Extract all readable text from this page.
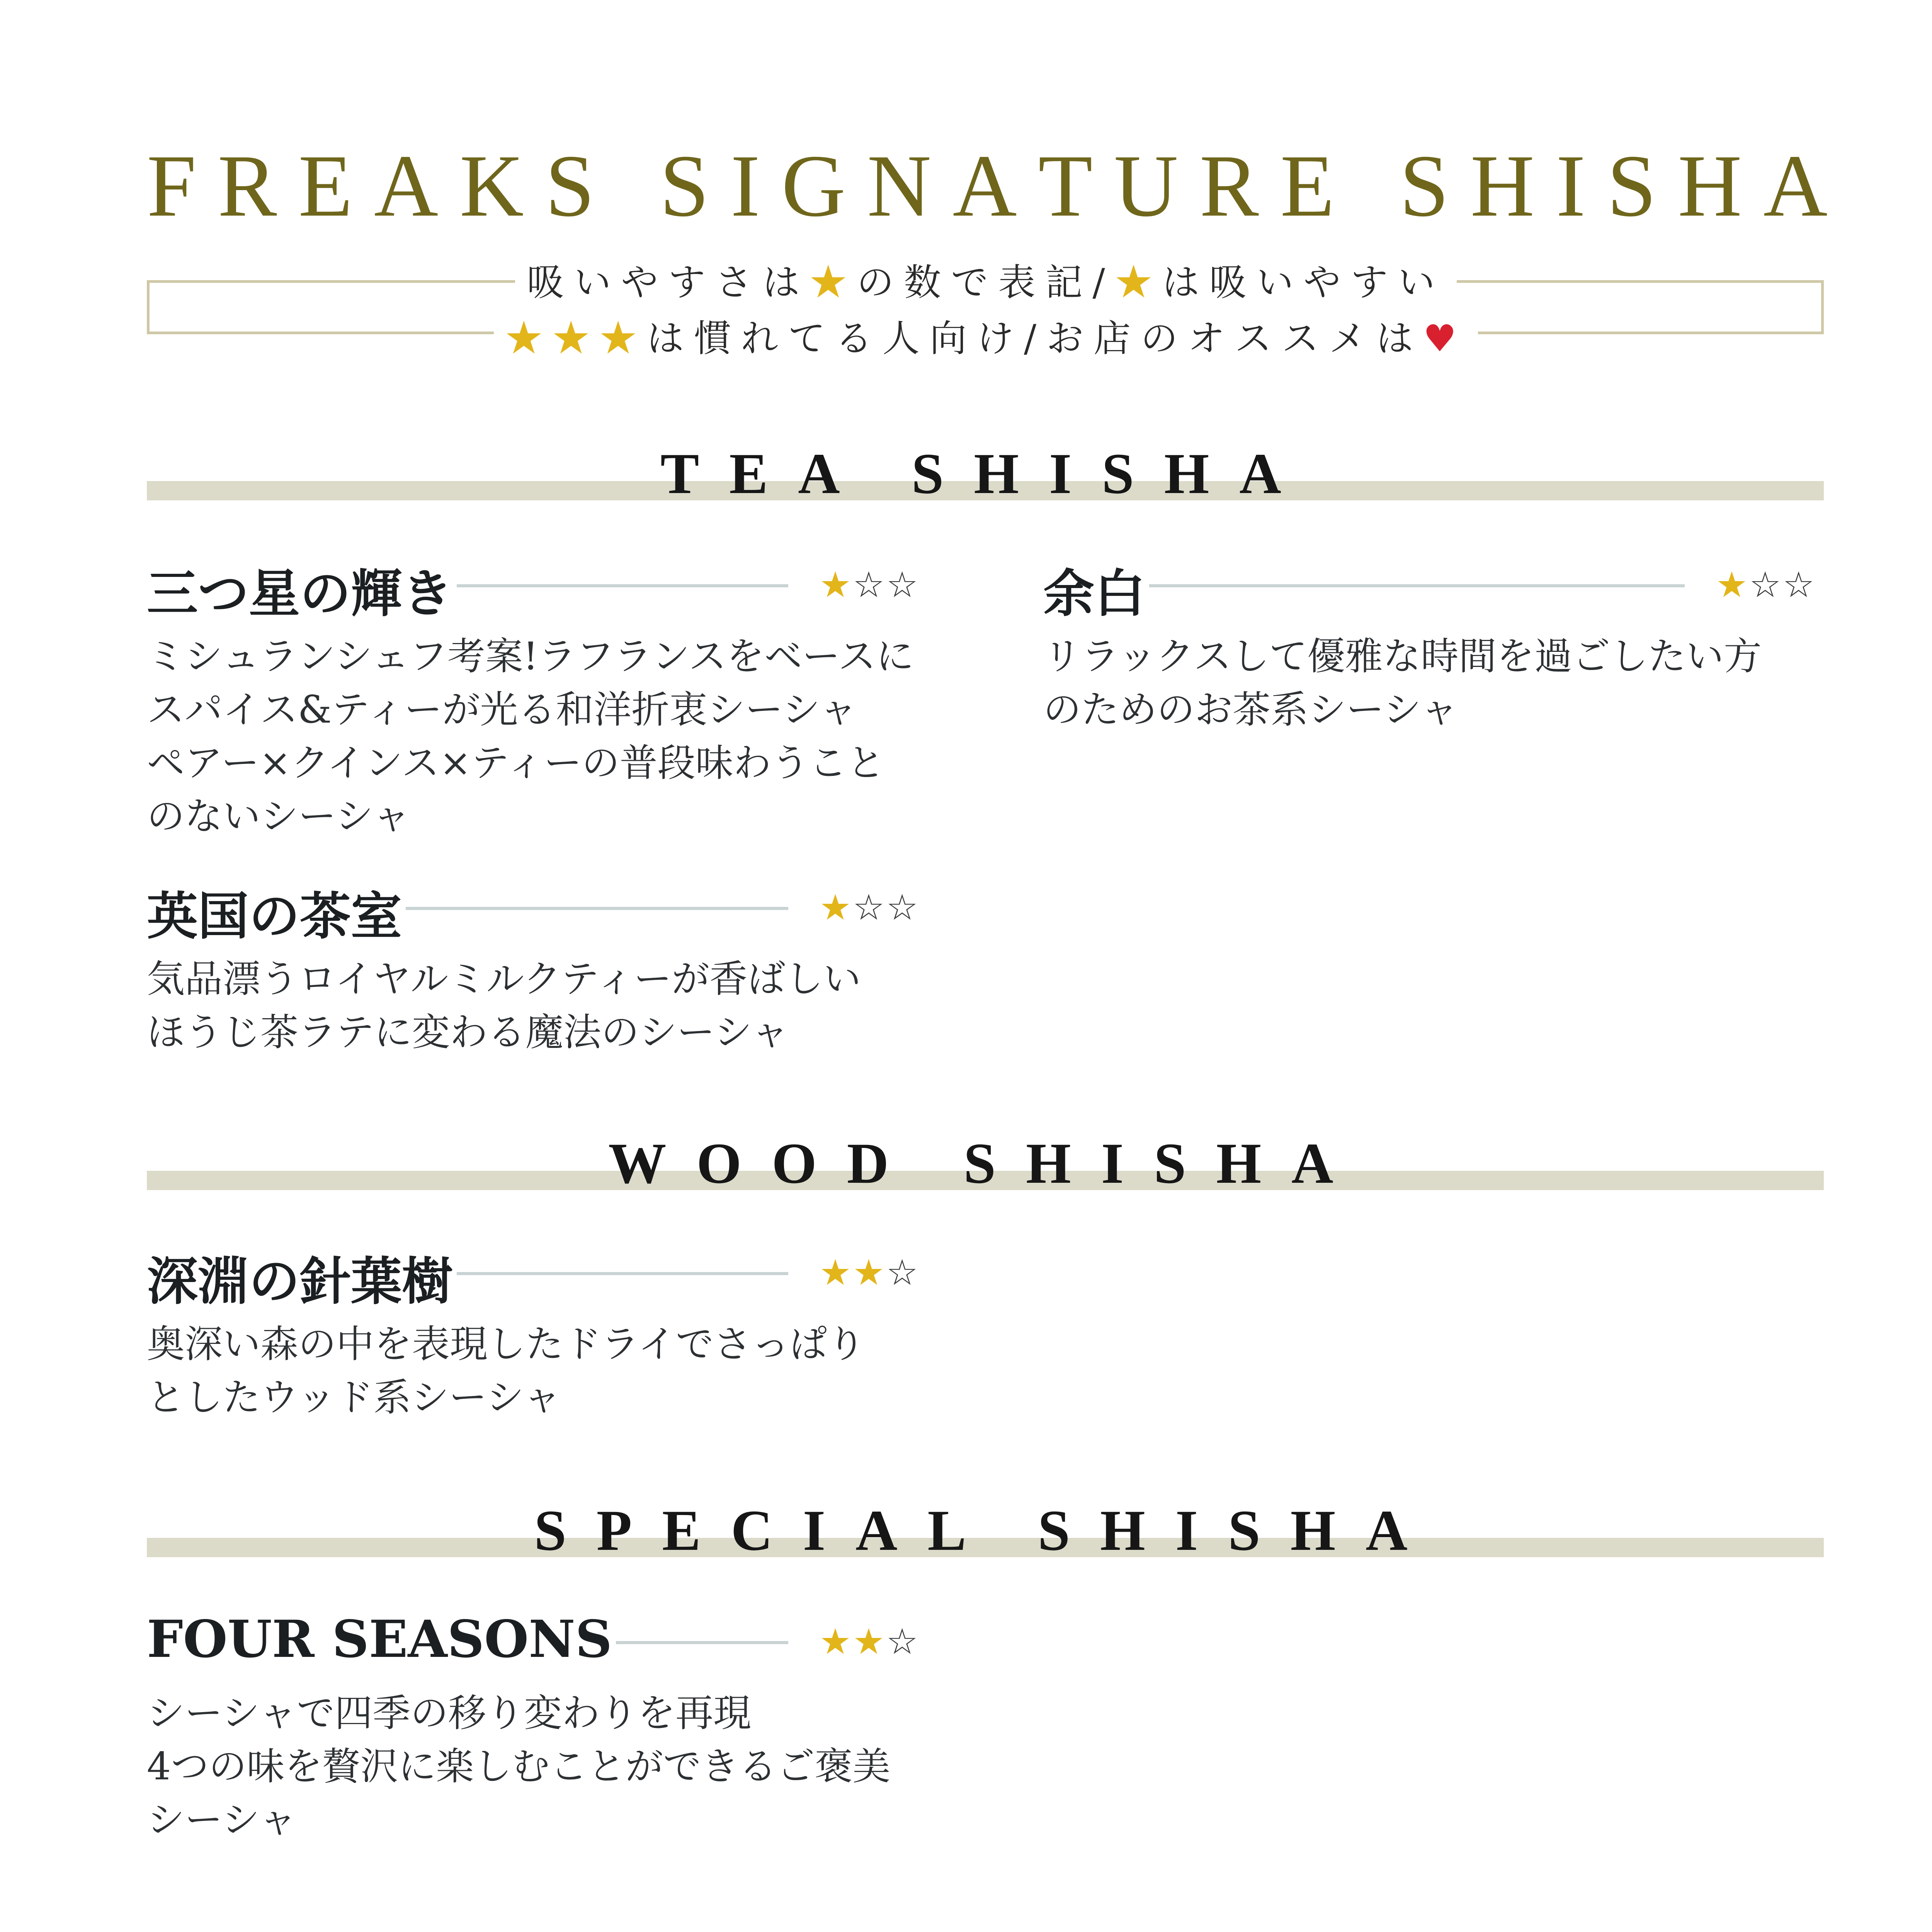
F R E A K S
S I G N A T U R E
S H I S H A
吸いやすさは★の数で表記/★は吸いやすい
★★★は慣れてる人向け/お店のオススメは♥
TEA SHISHA
三つ星の輝き	★☆☆
ミシュランシェフ考案!ラフランスをベースに
スパイス&ティーが光る和洋折衷シーシャ
ペアー×クインス×ティーの普段味わうこと
のないシーシャ
余白	★☆☆
リラックスして優雅な時間を過ごしたい方
のためのお茶系シーシャ
英国の茶室	★☆☆
気品漂うロイヤルミルクティーが香ばしい
ほうじ茶ラテに変わる魔法のシーシャ
WOOD SHISHA
深淵の針葉樹	★★☆
奥深い森の中を表現したドライでさっぱり
としたウッド系シーシャ
SPECIAL SHISHA
FOUR SEASONS	★★☆
シーシャで四季の移り変わりを再現
4つの味を贅沢に楽しむことができるご褒美
シーシャ
